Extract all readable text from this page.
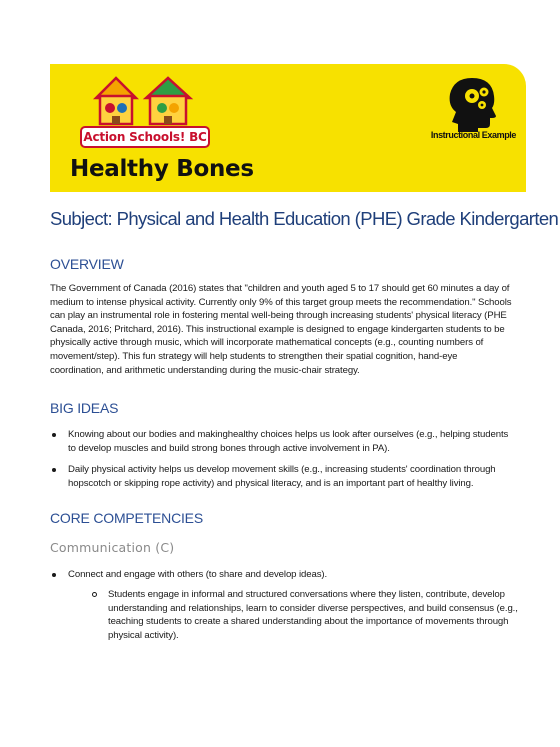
Action Schools! BC
Healthy Bones
Instructional Example
Subject: Physical and Health Education (PHE) Grade Kindergarten
OVERVIEW
The Government of Canada (2016) states that "children and youth aged 5 to 17 should get 60 minutes a day of medium to intense physical activity. Currently only 9% of this target group meets the recommendation." Schools can play an instrumental role in fostering mental well-being through increasing students' physical literacy (PHE Canada, 2016; Pritchard, 2016). This instructional example is designed to engage kindergarten students to be physically active through music, which will incorporate mathematical concepts (e.g., counting numbers of movement/step). This fun strategy will help students to strengthen their spatial cognition, hand-eye coordination, and arithmetic understanding during the music-chair strategy.
BIG IDEAS
Knowing about our bodies and makinghealthy choices helps us look after ourselves (e.g., helping students to develop muscles and build strong bones through active involvement in PA).
Daily physical activity helps us develop movement skills (e.g., increasing students' coordination through hopscotch or skipping rope activity) and physical literacy, and is an important part of healthy living.
CORE COMPETENCIES
Communication (C)
Connect and engage with others (to share and develop ideas).
Students engage in informal and structured conversations where they listen, contribute, develop understanding and relationships, learn to consider diverse perspectives, and build consensus (e.g., teaching students to create a shared understanding about the importance of movements through physical activity).
